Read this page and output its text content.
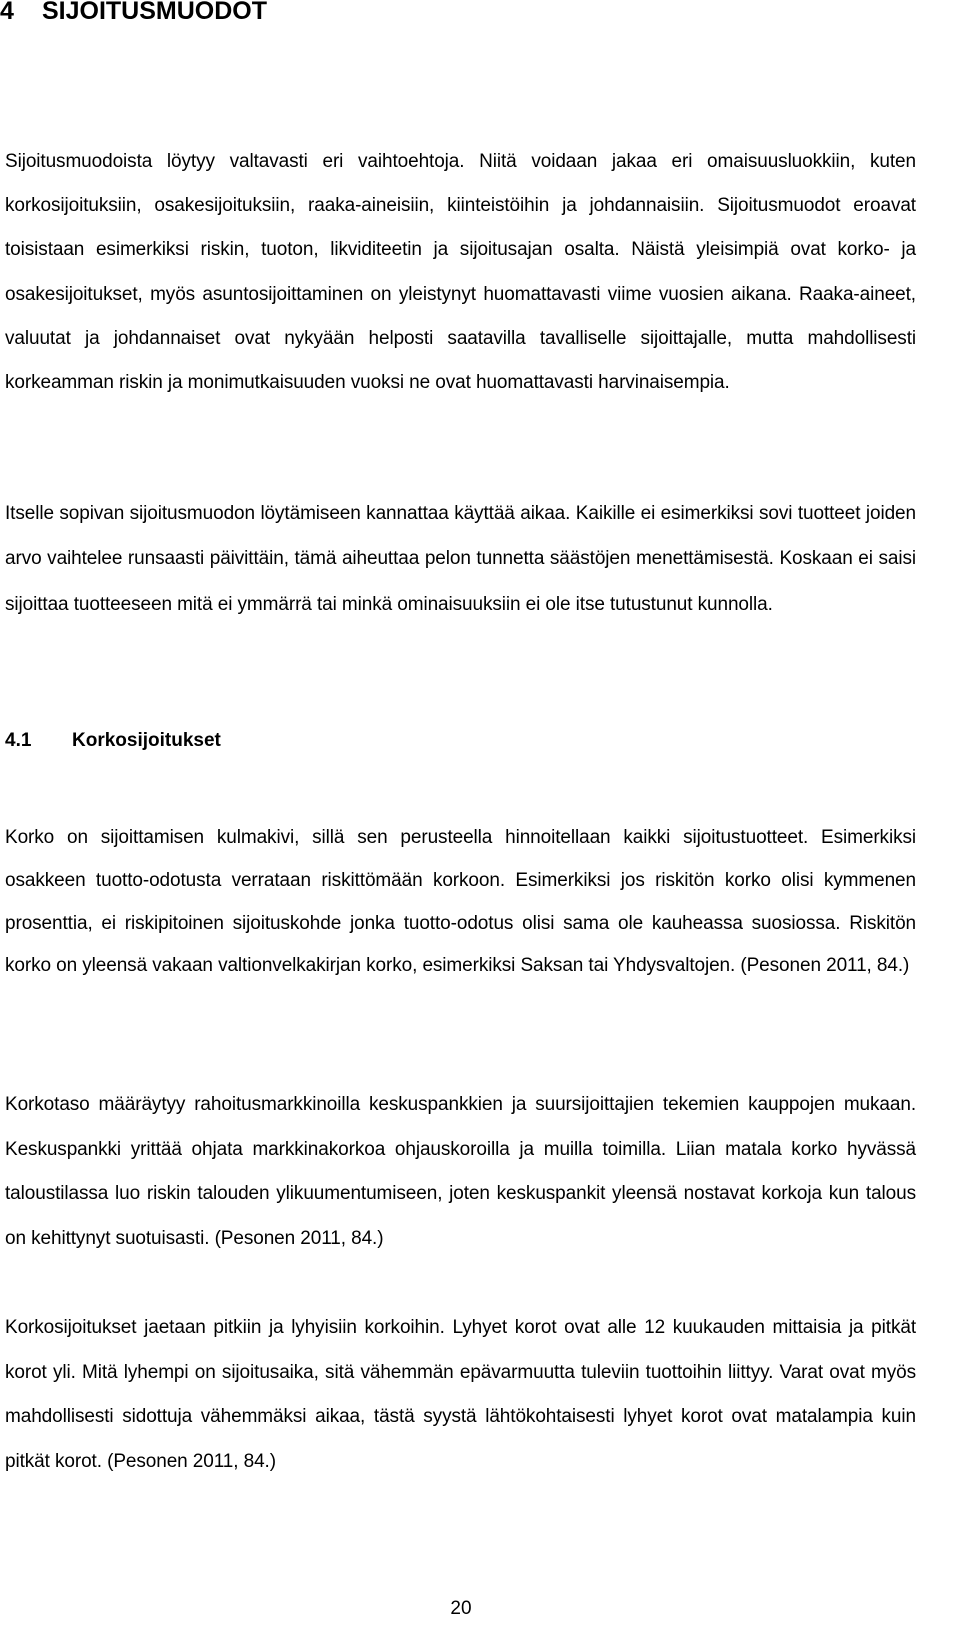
4 SIJOITUSMUODOT

Sijoitusmuodoista löytyy valtavasti eri vaihtoehtoja. Niitä voidaan jakaa eri omaisuusluokkiin, kuten korkosijoituksiin, osakesijoituksiin, raaka-aineisiin, kiinteistöihin ja johdannaisiin. Sijoitusmuodot eroavat toisistaan esimerkiksi riskin, tuoton, likviditeetin ja sijoitusajan osalta. Näistä yleisimpiä ovat korko- ja osakesijoitukset, myös asuntosijoittaminen on yleistynyt huomattavasti viime vuosien aikana. Raaka-aineet, valuutat ja johdannaiset ovat nykyään helposti saatavilla tavalliselle sijoittajalle, mutta mahdollisesti korkeamman riskin ja monimutkaisuuden vuoksi ne ovat huomattavasti harvinaisempia.

Itselle sopivan sijoitusmuodon löytämiseen kannattaa käyttää aikaa. Kaikille ei esimerkiksi sovi tuotteet joiden arvo vaihtelee runsaasti päivittäin, tämä aiheuttaa pelon tunnetta säästöjen menettämisestä. Koskaan ei saisi sijoittaa tuotteeseen mitä ei ymmärrä tai minkä ominaisuuksiin ei ole itse tutustunut kunnolla.

4.1 Korkosijoitukset

Korko on sijoittamisen kulmakivi, sillä sen perusteella hinnoitellaan kaikki sijoitustuotteet. Esimerkiksi osakkeen tuotto-odotusta verrataan riskittömään korkoon. Esimerkiksi jos riskitön korko olisi kymmenen prosenttia, ei riskipitoinen sijoituskohde jonka tuotto-odotus olisi sama ole kauheassa suosiossa. Riskitön korko on yleensä vakaan valtionvelkakirjan korko, esimerkiksi Saksan tai Yhdysvaltojen. (Pesonen 2011, 84.)

Korkotaso määräytyy rahoitusmarkkinoilla keskuspankkien ja suursijoittajien tekemien kauppojen mukaan. Keskuspankki yrittää ohjata markkinakorkoa ohjauskoroilla ja muilla toimilla. Liian matala korko hyvässä taloustilassa luo riskin talouden ylikuumentumiseen, joten keskuspankit yleensä nostavat korkoja kun talous on kehittynyt suotuisasti. (Pesonen 2011, 84.)

Korkosijoitukset jaetaan pitkiin ja lyhyisiin korkoihin. Lyhyet korot ovat alle 12 kuukauden mittaisia ja pitkät korot yli. Mitä lyhempi on sijoitusaika, sitä vähemmän epävarmuutta tuleviin tuottoihin liittyy. Varat ovat myös mahdollisesti sidottuja vähemmäksi aikaa, tästä syystä lähtökohtaisesti lyhyet korot ovat matalampia kuin pitkät korot. (Pesonen 2011, 84.)

20
